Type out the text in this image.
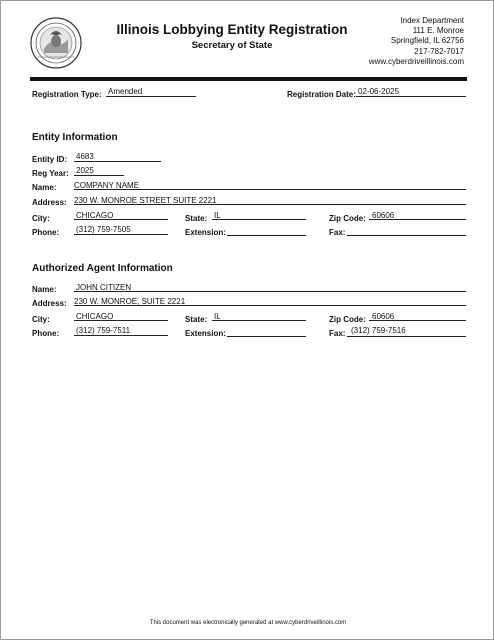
Illinois Lobbying Entity Registration
Secretary of State
Index Department
111 E. Monroe
Springfield, IL 62756
217-782-7017
www.cyberdriveillinois.com
Registration Type: Amended	Registration Date: 02-06-2025
Entity Information
Entity ID: 4683
Reg Year: 2025
Name: COMPANY NAME
Address: 230 W. MONROE STREET SUITE 2221
City:	CHICAGO	State: IL	Zip Code: 60606
Phone: (312) 759-7505	Extension:	Fax:
Authorized Agent Information
Name: JOHN CITIZEN
Address: 230 W. MONROE, SUITE 2221
City:	CHICAGO	State: IL	Zip Code: 60606
Phone: (312) 759-7511	Extension:	Fax: (312) 759-7516
This document was electronically generated at www.cyberdriveillinois.com
